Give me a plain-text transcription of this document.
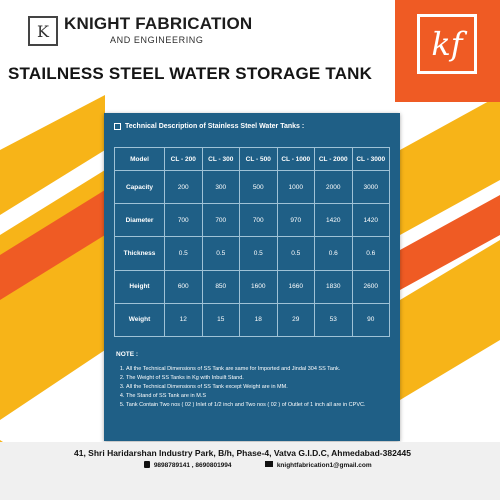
K KNIGHT FABRICATION
AND ENGINEERING
STAILNESS STEEL WATER STORAGE TANK
kf
Technical Description of Stainless Steel Water Tanks :
Model	CL - 200	CL - 300	CL - 500	CL - 1000	CL - 2000	CL - 3000
Capacity	200	300	500	1000	2000	3000
Diameter	700	700	700	970	1420	1420
Thickness	0.5	0.5	0.5	0.5	0.6	0.6
Height	600	850	1600	1660	1830	2600
Weight	12	15	18	29	53	90
NOTE :
1. All the Technical Dimensions of SS Tank are same for Imported and Jindal 304 SS Tank.
2. The Weight of SS Tanks in Kg with Inbuilt Stand.
3. All the Technical Dimensions of SS Tank except Weight are in MM.
4. The Stand of SS Tank are in M.S
5. Tank Contain Two nos ( 02 ) Inlet of 1/2 inch and Two nos ( 02 ) of Outlet of 1 inch all are in CPVC.
41, Shri Haridarshan Industry Park, B/h, Phase-4, Vatva G.I.D.C, Ahmedabad-382445
9898789141 , 8690801994	knightfabrication1@gmail.com
